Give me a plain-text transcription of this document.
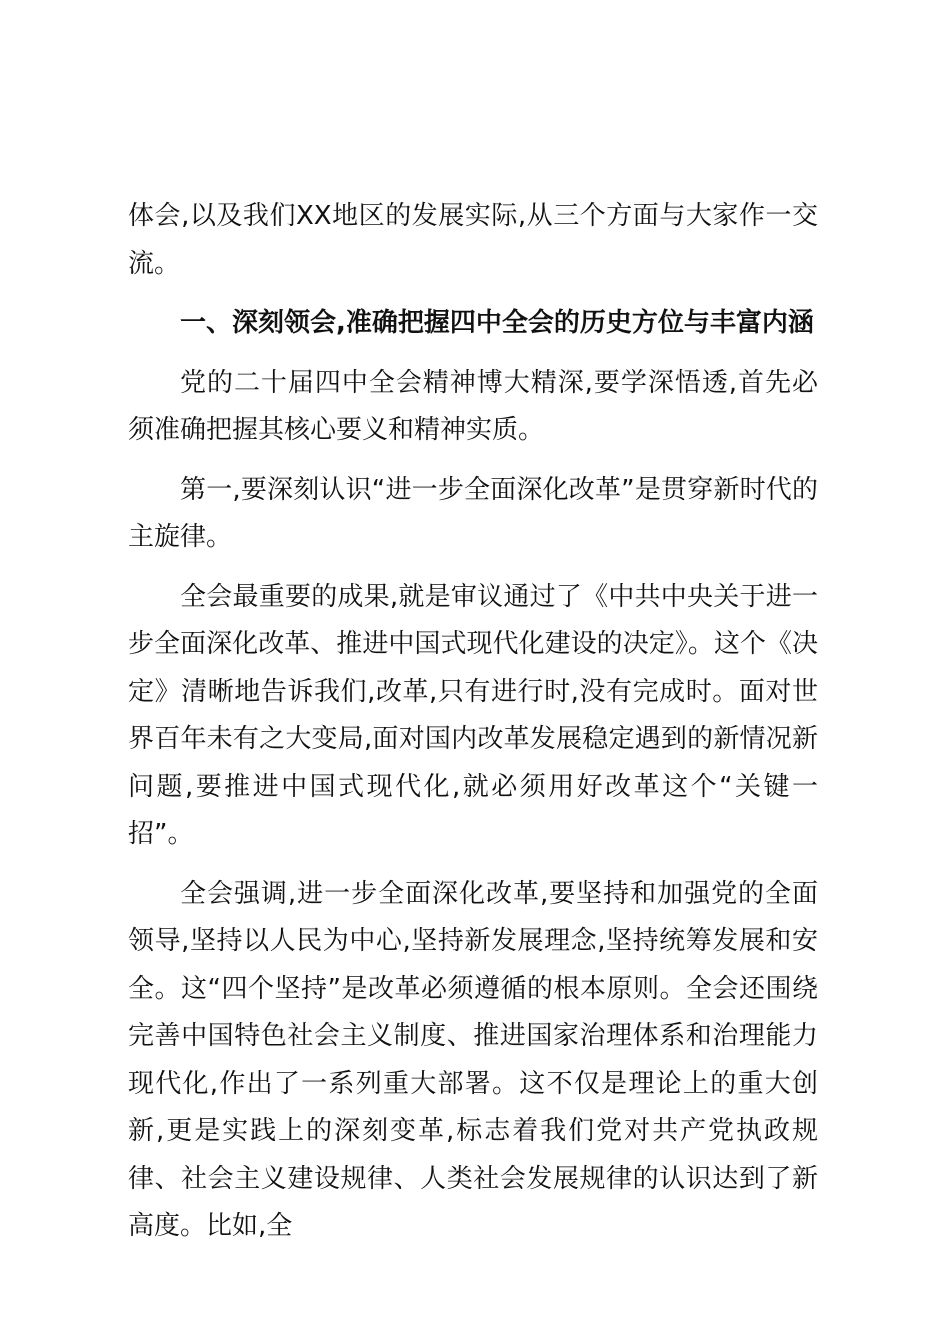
体会,以及我们XX地区的发展实际,从三个方面与大家作一交流。

一、深刻领会,准确把握四中全会的历史方位与丰富内涵

党的二十届四中全会精神博大精深,要学深悟透,首先必须准确把握其核心要义和精神实质。

第一,要深刻认识“进一步全面深化改革”是贯穿新时代的主旋律。

全会最重要的成果,就是审议通过了《中共中央关于进一步全面深化改革、推进中国式现代化建设的决定》。这个《决定》清晰地告诉我们,改革,只有进行时,没有完成时。面对世界百年未有之大变局,面对国内改革发展稳定遇到的新情况新问题,要推进中国式现代化,就必须用好改革这个“关键一招”。

全会强调,进一步全面深化改革,要坚持和加强党的全面领导,坚持以人民为中心,坚持新发展理念,坚持统筹发展和安全。这“四个坚持”是改革必须遵循的根本原则。全会还围绕完善中国特色社会主义制度、推进国家治理体系和治理能力现代化,作出了一系列重大部署。这不仅是理论上的重大创新,更是实践上的深刻变革,标志着我们党对共产党执政规律、社会主义建设规律、人类社会发展规律的认识达到了新高度。比如,全
